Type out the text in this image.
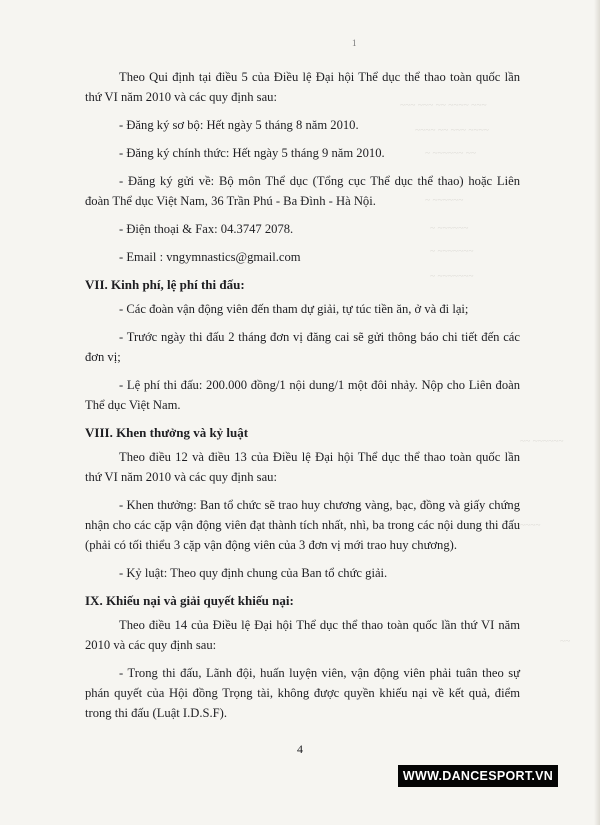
~~~ ~~~ ~~ ~~~~ ~~~
~~~~ ~~ ~~~ ~~~~
~ ~~~~~~ ~~
~ ~~~~~~
~ ~~~~~~
~ ~~~~~~~
~ ~~~~~~~
~~ ~~~~~~
~~~~
~~
1

Theo Qui định tại điều 5 của Điều lệ Đại hội Thể dục thể thao toàn quốc lần thứ VI năm 2010 và các quy định sau:

- Đăng ký sơ bộ: Hết ngày 5 tháng 8 năm 2010.

- Đăng ký chính thức: Hết ngày 5 tháng 9 năm 2010.

- Đăng ký gửi về: Bộ môn Thể dục (Tổng cục Thể dục thể thao) hoặc Liên đoàn Thể dục Việt Nam, 36 Trần Phú - Ba Đình - Hà Nội.

- Điện thoại & Fax: 04.3747 2078.

- Email : vngymnastics@gmail.com

VII. Kinh phí, lệ phí thi đấu:

- Các đoàn vận động viên đến tham dự giải, tự túc tiền ăn, ở và đi lại;

- Trước ngày thi đấu 2 tháng đơn vị đăng cai sẽ gửi thông báo chi tiết đến các đơn vị;

- Lệ phí thi đấu: 200.000 đồng/1 nội dung/1 một đôi nhảy. Nộp cho Liên đoàn Thể dục Việt Nam.

VIII. Khen thưởng và kỷ luật

Theo điều 12 và điều 13 của Điều lệ Đại hội Thể dục thể thao toàn quốc lần thứ VI năm 2010 và các quy định sau:

- Khen thưởng: Ban tổ chức sẽ trao huy chương vàng, bạc, đồng và giấy chứng nhận cho các cặp vận động viên đạt thành tích nhất, nhì, ba trong các nội dung thi đấu (phải có tối thiểu 3 cặp vận động viên của 3 đơn vị mới trao huy chương).

- Kỷ luật: Theo quy định chung của Ban tổ chức giải.

IX. Khiếu nại và giải quyết khiếu nại:

Theo điều 14 của Điều lệ Đại hội Thể dục thể thao toàn quốc lần thứ VI năm 2010 và các quy định sau:

- Trong thi đấu, Lãnh đội, huấn luyện viên, vận động viên phải tuân theo sự phán quyết của Hội đồng Trọng tài, không được quyền khiếu nại về kết quả, điểm trong thi đấu (Luật I.D.S.F).

4
WWW.DANCESPORT.VN
